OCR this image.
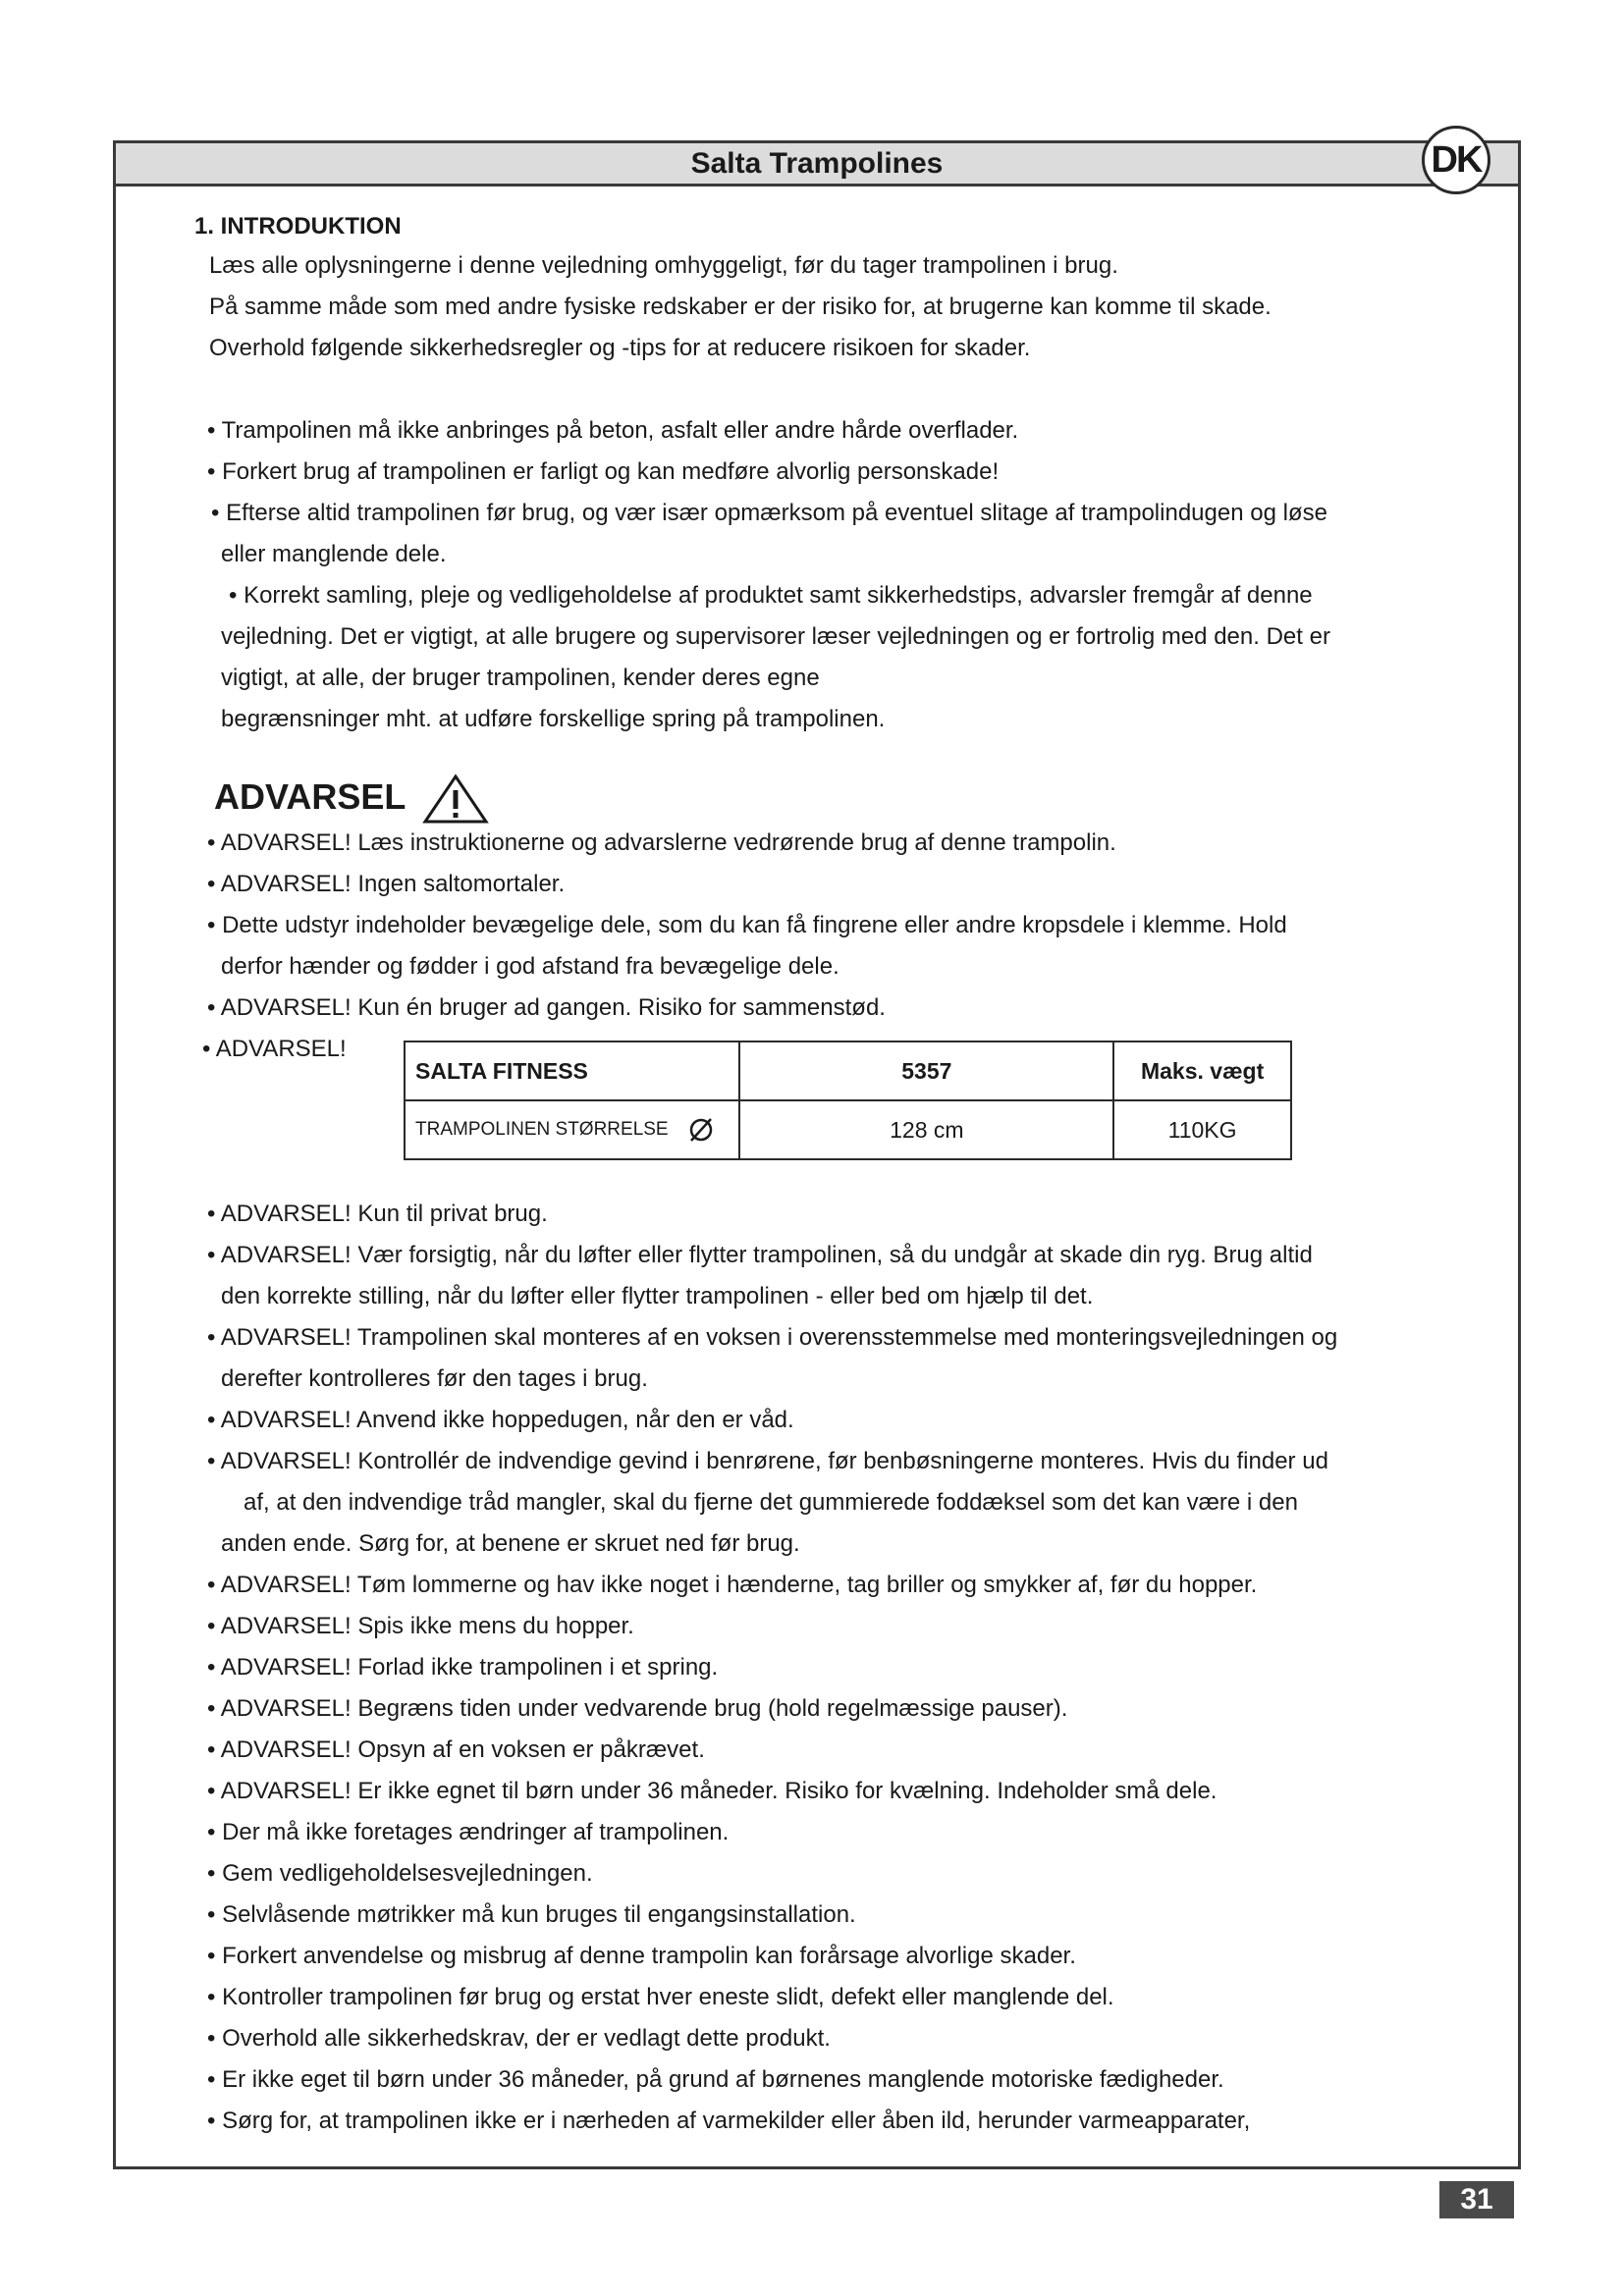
Salta Trampolines	DK
1. INTRODUKTION
Læs alle oplysningerne i denne vejledning omhyggeligt, før du tager trampolinen i brug.
På samme måde som med andre fysiske redskaber er der risiko for, at brugerne kan komme til skade.
Overhold følgende sikkerhedsregler og -tips for at reducere risikoen for skader.
• Trampolinen må ikke anbringes på beton, asfalt eller andre hårde overflader.
• Forkert brug af trampolinen er farligt og kan medføre alvorlig personskade!
• Efterse altid trampolinen før brug, og vær især opmærksom på eventuel slitage af trampolindugen og løse
eller manglende dele.
• Korrekt samling, pleje og vedligeholdelse af produktet samt sikkerhedstips, advarsler fremgår af denne
vejledning. Det er vigtigt, at alle brugere og supervisorer læser vejledningen og er fortrolig med den. Det er
vigtigt, at alle, der bruger trampolinen, kender deres egne
begrænsninger mht. at udføre forskellige spring på trampolinen.
ADVARSEL
• ADVARSEL! Læs instruktionerne og advarslerne vedrørende brug af denne trampolin.
• ADVARSEL! Ingen saltomortaler.
• Dette udstyr indeholder bevægelige dele, som du kan få fingrene eller andre kropsdele i klemme. Hold
derfor hænder og fødder i god afstand fra bevægelige dele.
• ADVARSEL! Kun én bruger ad gangen. Risiko for sammenstød.
• ADVARSEL!
SALTA FITNESS	5357	Maks. vægt
TRAMPOLINEN STØRRELSE	128 cm	110KG
• ADVARSEL! Kun til privat brug.
• ADVARSEL! Vær forsigtig, når du løfter eller flytter trampolinen, så du undgår at skade din ryg. Brug altid
den korrekte stilling, når du løfter eller flytter trampolinen - eller bed om hjælp til det.
• ADVARSEL! Trampolinen skal monteres af en voksen i overensstemmelse med monteringsvejledningen og
derefter kontrolleres før den tages i brug.
• ADVARSEL! Anvend ikke hoppedugen, når den er våd.
• ADVARSEL! Kontrollér de indvendige gevind i benrørene, før benbøsningerne monteres. Hvis du finder ud
af, at den indvendige tråd mangler, skal du fjerne det gummierede foddæksel som det kan være i den
anden ende. Sørg for, at benene er skruet ned før brug.
• ADVARSEL! Tøm lommerne og hav ikke noget i hænderne, tag briller og smykker af, før du hopper.
• ADVARSEL! Spis ikke mens du hopper.
• ADVARSEL! Forlad ikke trampolinen i et spring.
• ADVARSEL! Begræns tiden under vedvarende brug (hold regelmæssige pauser).
• ADVARSEL! Opsyn af en voksen er påkrævet.
• ADVARSEL! Er ikke egnet til børn under 36 måneder. Risiko for kvælning. Indeholder små dele.
• Der må ikke foretages ændringer af trampolinen.
• Gem vedligeholdelsesvejledningen.
• Selvlåsende møtrikker må kun bruges til engangsinstallation.
• Forkert anvendelse og misbrug af denne trampolin kan forårsage alvorlige skader.
• Kontroller trampolinen før brug og erstat hver eneste slidt, defekt eller manglende del.
• Overhold alle sikkerhedskrav, der er vedlagt dette produkt.
• Er ikke eget til børn under 36 måneder, på grund af børnenes manglende motoriske fædigheder.
• Sørg for, at trampolinen ikke er i nærheden af varmekilder eller åben ild, herunder varmeapparater,
31
